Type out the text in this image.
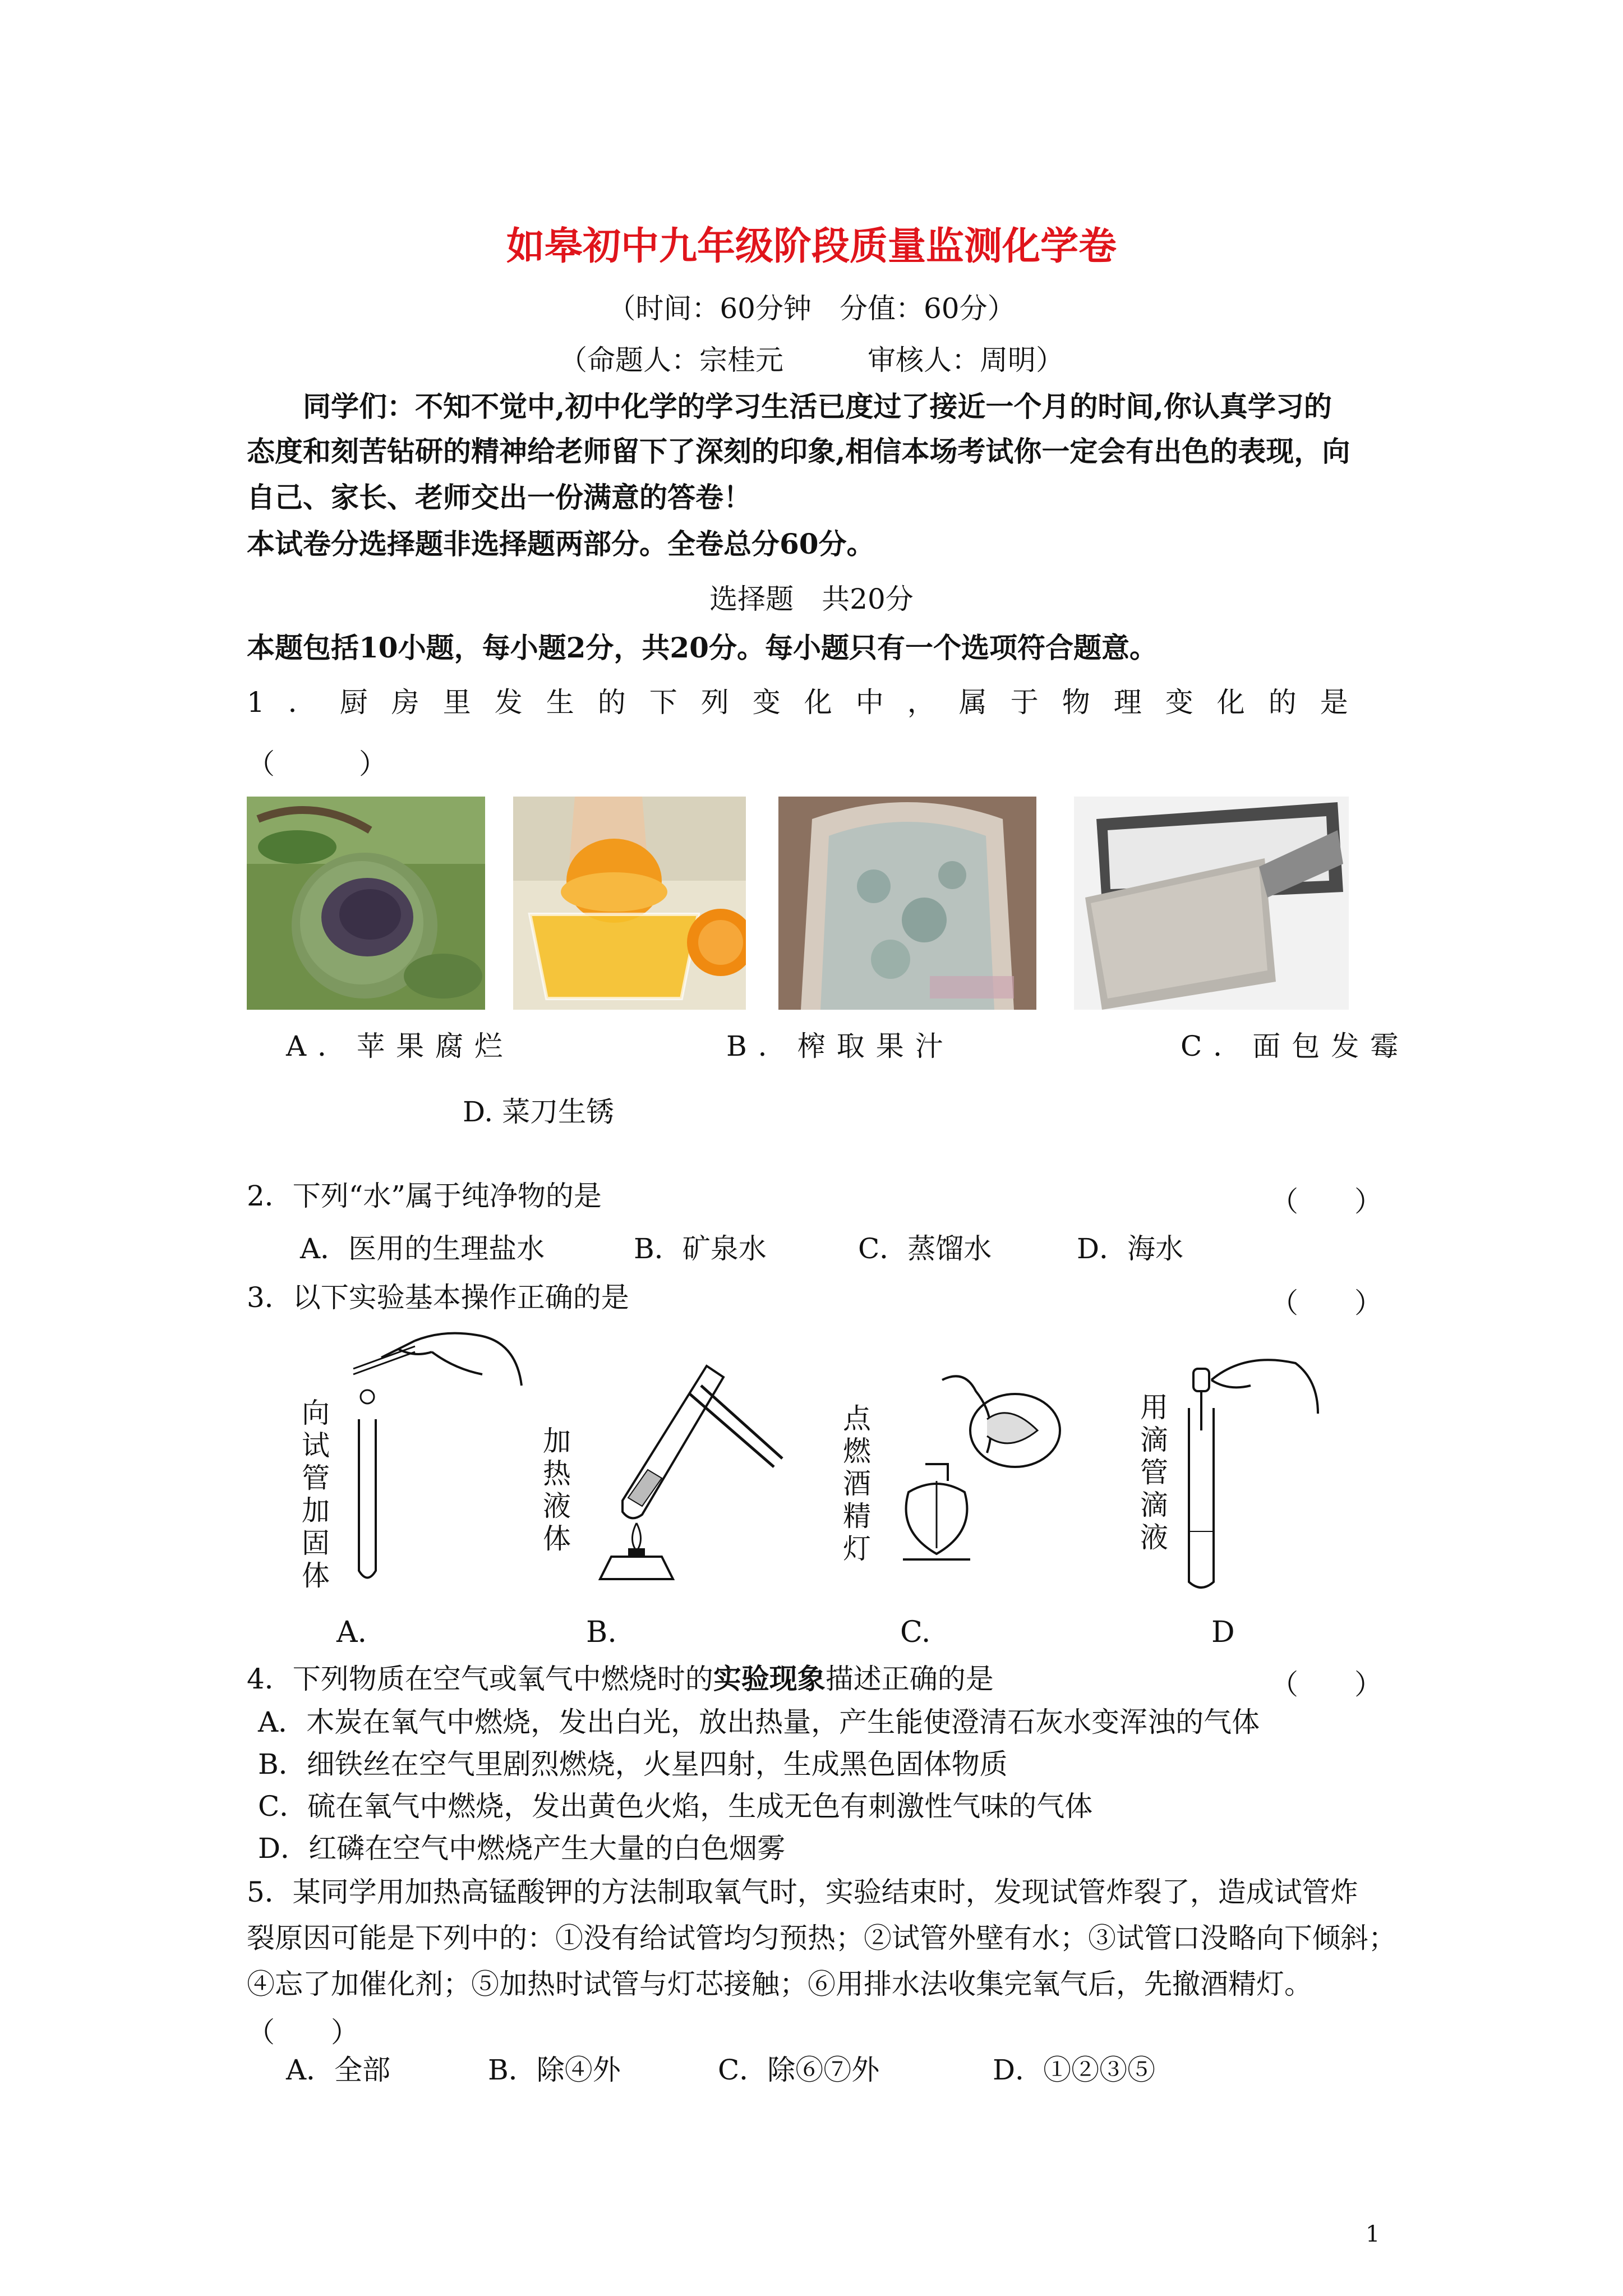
如皋初中九年级阶段质量监测化学卷
（时间：60分钟　分值：60分）
（命题人：宗桂元　　　审核人：周明）
同学们：不知不觉中,初中化学的学习生活已度过了接近一个月的时间,你认真学习的
态度和刻苦钻研的精神给老师留下了深刻的印象,相信本场考试你一定会有出色的表现，向
自己、家长、老师交出一份满意的答卷！
本试卷分选择题非选择题两部分。全卷总分60分。
选择题　共20分
本题包括10小题，每小题2分，共20分。每小题只有一个选项符合题意。
1．厨房里发生的下列变化中，属于物理变化的是
（　　　）
A．苹果腐烂	B．榨取果汁	C．面包发霉
D. 菜刀生锈
2．下列“水”属于纯净物的是	（　　）
A．医用的生理盐水	B．矿泉水	C．蒸馏水	D．海水
3．以下实验基本操作正确的是	（　　）
向试管加固体
加热液体
点燃酒精灯
用滴管滴液
A.	B.	C.	D
4．下列物质在空气或氧气中燃烧时的实验现象描述正确的是	（　　）
A．木炭在氧气中燃烧，发出白光，放出热量，产生能使澄清石灰水变浑浊的气体
B．细铁丝在空气里剧烈燃烧，火星四射，生成黑色固体物质
C．硫在氧气中燃烧，发出黄色火焰，生成无色有刺激性气味的气体
D．红磷在空气中燃烧产生大量的白色烟雾
5．某同学用加热高锰酸钾的方法制取氧气时，实验结束时，发现试管炸裂了，造成试管炸
裂原因可能是下列中的：①没有给试管均匀预热；②试管外壁有水；③试管口没略向下倾斜；
④忘了加催化剂；⑤加热时试管与灯芯接触；⑥用排水法收集完氧气后，先撤酒精灯。
（　　）
A．全部	B．除④外	C．除⑥⑦外	D．①②③⑤
1
